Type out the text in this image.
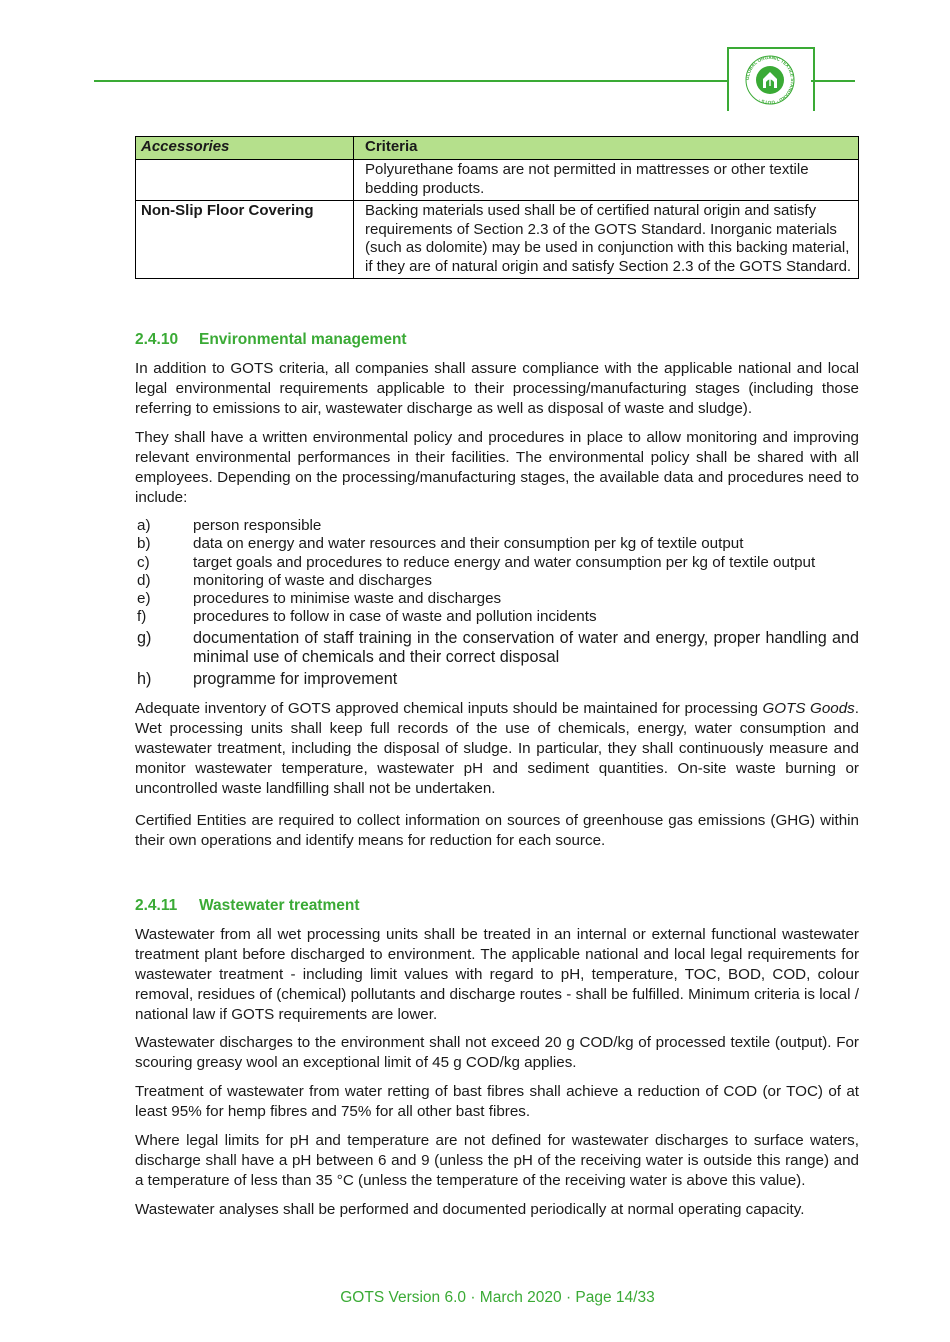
GLOBAL ORGANIC TEXTILE STANDARD · GOTS ·
Accessories	Criteria
	Polyurethane foams are not permitted in mattresses or other textile bedding products.
Non-Slip Floor Covering	Backing materials used shall be of certified natural origin and satisfy requirements of Section 2.3 of the GOTS Standard. Inorganic materials (such as dolomite) may be used in conjunction with this backing material, if they are of natural origin and satisfy Section 2.3 of the GOTS Standard.
2.4.10 Environmental management

In addition to GOTS criteria, all companies shall assure compliance with the applicable national and local legal environmental requirements applicable to their processing/manufacturing stages (including those referring to emissions to air, wastewater discharge as well as disposal of waste and sludge).

They shall have a written environmental policy and procedures in place to allow monitoring and improving relevant environmental performances in their facilities. The environmental policy shall be shared with all employees. Depending on the processing/manufacturing stages, the available data and procedures need to include:

a)	person responsible
b)	data on energy and water resources and their consumption per kg of textile output
c)	target goals and procedures to reduce energy and water consumption per kg of textile output
d)	monitoring of waste and discharges
e)	procedures to minimise waste and discharges
f)	procedures to follow in case of waste and pollution incidents
g)	documentation of staff training in the conservation of water and energy, proper handling and minimal use of chemicals and their correct disposal
h)	programme for improvement

Adequate inventory of GOTS approved chemical inputs should be maintained for processing GOTS Goods. Wet processing units shall keep full records of the use of chemicals, energy, water consumption and wastewater treatment, including the disposal of sludge. In particular, they shall continuously measure and monitor wastewater temperature, wastewater pH and sediment quantities. On-site waste burning or uncontrolled waste landfilling shall not be undertaken.

Certified Entities are required to collect information on sources of greenhouse gas emissions (GHG) within their own operations and identify means for reduction for each source.

2.4.11 Wastewater treatment

Wastewater from all wet processing units shall be treated in an internal or external functional wastewater treatment plant before discharged to environment. The applicable national and local legal requirements for wastewater treatment - including limit values with regard to pH, temperature, TOC, BOD, COD, colour removal, residues of (chemical) pollutants and discharge routes - shall be fulfilled. Minimum criteria is local / national law if GOTS requirements are lower.

Wastewater discharges to the environment shall not exceed 20 g COD/kg of processed textile (output). For scouring greasy wool an exceptional limit of 45 g COD/kg applies.

Treatment of wastewater from water retting of bast fibres shall achieve a reduction of COD (or TOC) of at least 95% for hemp fibres and 75% for all other bast fibres.

Where legal limits for pH and temperature are not defined for wastewater discharges to surface waters, discharge shall have a pH between 6 and 9 (unless the pH of the receiving water is outside this range) and a temperature of less than 35 °C (unless the temperature of the receiving water is above this value).

Wastewater analyses shall be performed and documented periodically at normal operating capacity.

GOTS Version 6.0 · March 2020 · Page 14/33
